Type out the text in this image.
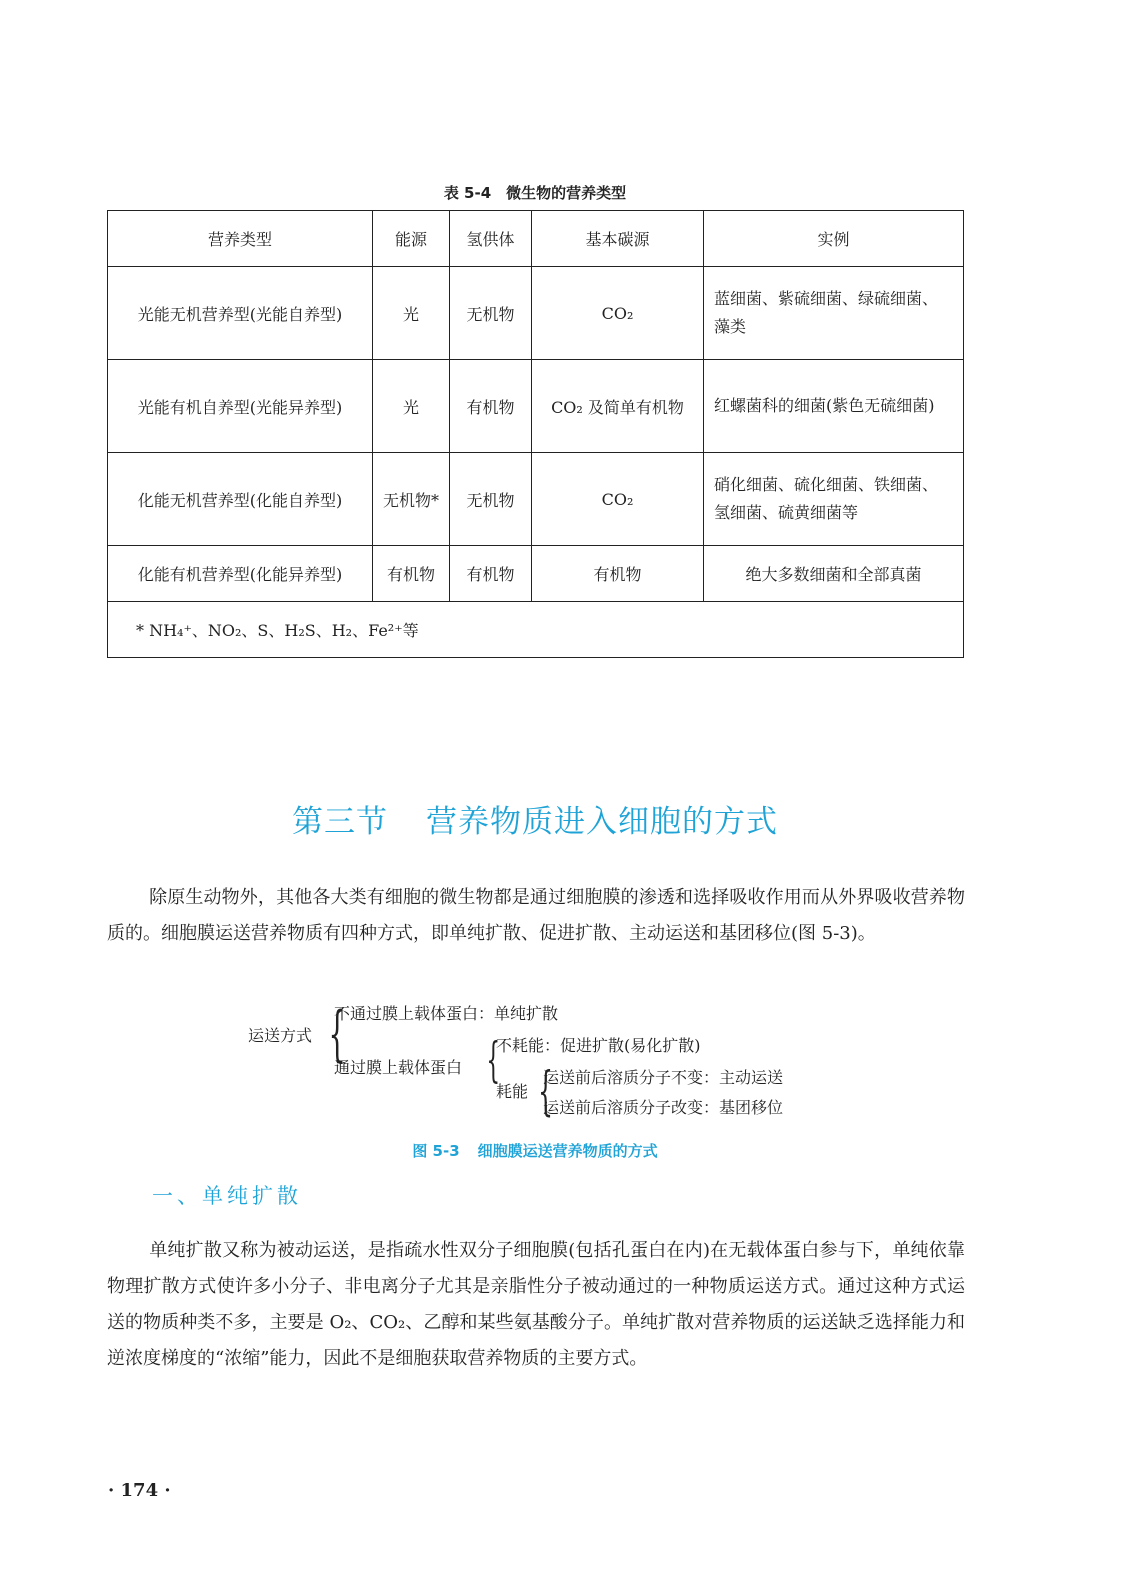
表 5-4　微生物的营养类型
营养类型	能源	氢供体	基本碳源	实例
光能无机营养型(光能自养型)	光	无机物	CO₂	蓝细菌、紫硫细菌、绿硫细菌、藻类
光能有机自养型(光能异养型)	光	有机物	CO₂ 及简单有机物	红螺菌科的细菌(紫色无硫细菌)
化能无机营养型(化能自养型)	无机物*	无机物	CO₂	硝化细菌、硫化细菌、铁细菌、氢细菌、硫黄细菌等
化能有机营养型(化能异养型)	有机物	有机物	有机物	绝大多数细菌和全部真菌
* NH₄⁺、NO₂、S、H₂S、H₂、Fe²⁺等				
第三节 营养物质进入细胞的方式
除原生动物外，其他各大类有细胞的微生物都是通过细胞膜的渗透和选择吸收作用而从外界吸收营养物质的。细胞膜运送营养物质有四种方式，即单纯扩散、促进扩散、主动运送和基团移位(图 5-3)。
运送方式 {
不通过膜上载体蛋白：单纯扩散
通过膜上载体蛋白 {
不耗能：促进扩散(易化扩散)
耗能 {
运送前后溶质分子不变：主动运送
运送前后溶质分子改变：基团移位
图 5-3 细胞膜运送营养物质的方式
一、单纯扩散
单纯扩散又称为被动运送，是指疏水性双分子细胞膜(包括孔蛋白在内)在无载体蛋白参与下，单纯依靠物理扩散方式使许多小分子、非电离分子尤其是亲脂性分子被动通过的一种物质运送方式。通过这种方式运送的物质种类不多，主要是 O₂、CO₂、乙醇和某些氨基酸分子。单纯扩散对营养物质的运送缺乏选择能力和逆浓度梯度的“浓缩”能力，因此不是细胞获取营养物质的主要方式。
· 174 ·
